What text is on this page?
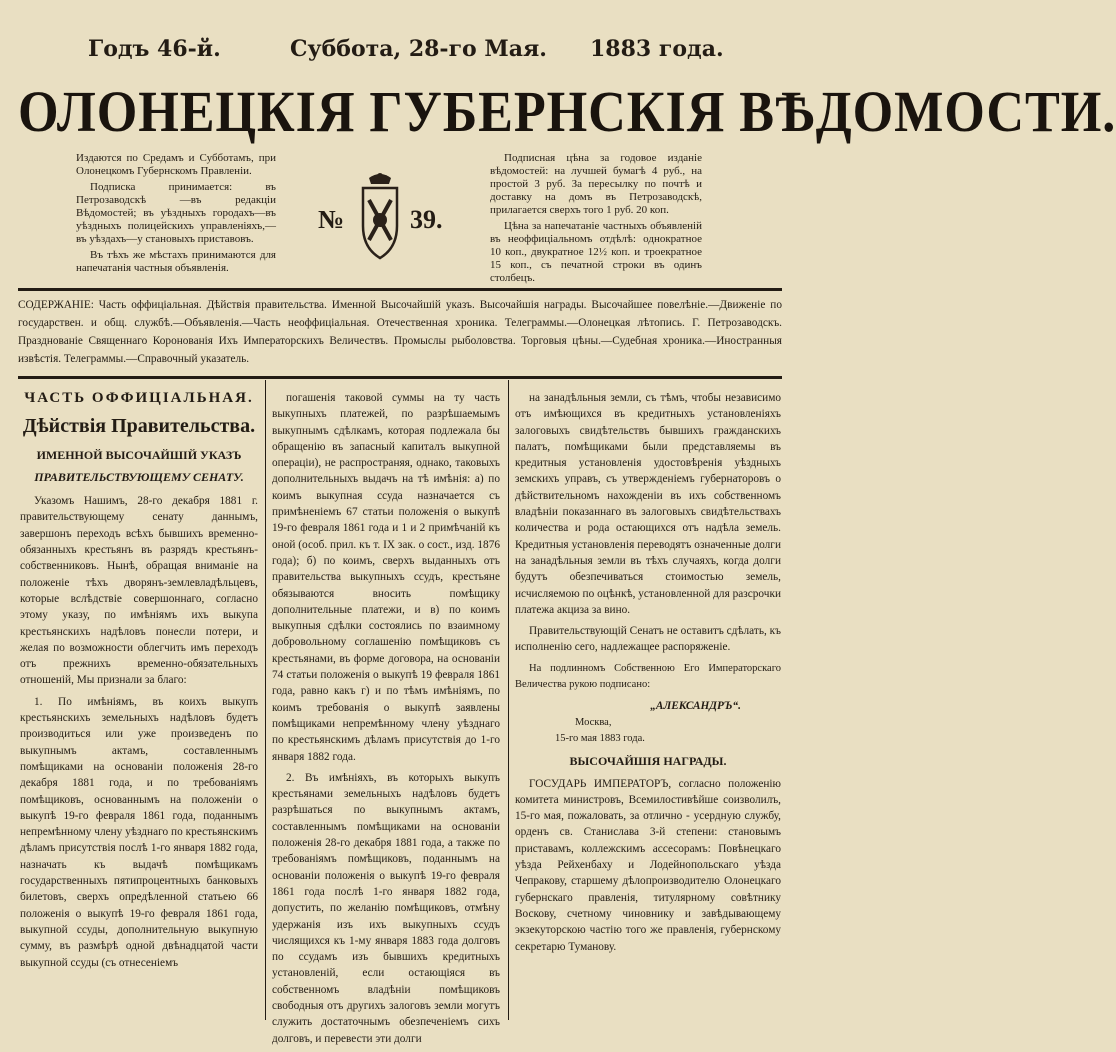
Годъ 46-й.	Суббота, 28-го Мая. 1883 года.
ОЛОНЕЦКІЯ ГУБЕРНСКІЯ ВѢДОМОСТИ.

Издаются по Средамъ и Субботамъ, при Олонецкомъ Губернскомъ Правленіи.

Подписка принимается: въ Петрозаводскѣ —въ редакціи Вѣдомостей; въ уѣздныхъ городахъ—въ уѣздныхъ полицейскихъ управленіяхъ,—въ уѣздахъ—у становыхъ приставовъ.

Въ тѣхъ же мѣстахъ принимаются для напечатанія частныя объявленія.

№	39.

Подписная цѣна за годовое изданіе вѣдомостей: на лучшей бумагѣ 4 руб., на простой 3 руб. За пересылку по почтѣ и доставку на домъ въ Петрозаводскѣ, прилагается сверхъ того 1 руб. 20 коп.

Цѣна за напечатаніе частныхъ объявленій въ неоффиціальномъ отдѣлѣ: однократное 10 коп., двукратное 12½ коп. и троекратное 15 коп., съ печатной строки въ одинъ столбецъ.

СОДЕРЖАНІЕ: Часть оффиціальная. Дѣйствія правительства. Именной Высочайшій указъ. Высочайшія награды. Высочайшее повелѣніе.—Движеніе по государствен. и общ. службѣ.—Объявленія.—Часть неоффиціальная. Отечественная хроника. Телеграммы.—Олонецкая лѣтопись. Г. Петрозаводскъ. Празднованіе Священнаго Коронованія Ихъ Императорскихъ Величествъ. Промыслы рыболовства. Торговыя цѣны.—Судебная хроника.—Иностранныя извѣстія. Телеграммы.—Справочный указатель.
ЧАСТЬ ОФФИЦІАЛЬНАЯ.
Дѣйствія Правительства.
ИМЕННОЙ ВЫСОЧАЙШІЙ УКАЗЪ
ПРАВИТЕЛЬСТВУЮЩЕМУ СЕНАТУ.

Указомъ Нашимъ, 28-го декабря 1881 г. правительствующему сенату даннымъ, завершонъ переходъ всѣхъ бывшихъ временно-обязанныхъ крестьянъ въ разрядъ крестьянъ-собственниковъ. Нынѣ, обращая вниманіе на положеніе тѣхъ дворянъ-землевладѣльцевъ, которые вслѣдствіе совершоннаго, согласно этому указу, по имѣніямъ ихъ выкупа крестьянскихъ надѣловъ понесли потери, и желая по возможности облегчить имъ переходъ отъ прежнихъ временно-обязательныхъ отношеній, Мы признали за благо:

1. По имѣніямъ, въ коихъ выкупъ крестьянскихъ земельныхъ надѣловъ будетъ производиться или уже произведенъ по выкупнымъ актамъ, составленнымъ помѣщиками на основаніи положенія 28-го декабря 1881 года, и по требованіямъ помѣщиковъ, основаннымъ на положеніи о выкупѣ 19-го февраля 1861 года, поданнымъ непремѣнному члену уѣзднаго по крестьянскимъ дѣламъ присутствія послѣ 1-го января 1882 года, назначать къ выдачѣ помѣщикамъ государственныхъ пятипроцентныхъ банковыхъ билетовъ, сверхъ опредѣленной статьею 66 положенія о выкупѣ 19-го февраля 1861 года, выкупной ссуды, дополнительную выкупную сумму, въ размѣрѣ одной двѣнадцатой части выкупной ссуды (съ отнесеніемъ

погашенія таковой суммы на ту часть выкупныхъ платежей, по разрѣшаемымъ выкупнымъ сдѣлкамъ, которая подлежала бы обращенію въ запасный капиталъ выкупной операціи), не распространяя, однако, таковыхъ дополнительныхъ выдачъ на тѣ имѣнія: а) по коимъ выкупная ссуда назначается съ примѣненіемъ 67 статьи положенія о выкупѣ 19-го февраля 1861 года и 1 и 2 примѣчаній къ оной (особ. прил. къ т. IX зак. о сост., изд. 1876 года); б) по коимъ, сверхъ выданныхъ отъ правительства выкупныхъ ссудъ, крестьяне обязываются вносить помѣщику дополнительные платежи, и в) по коимъ выкупныя сдѣлки состоялись по взаимному добровольному соглашенію помѣщиковъ съ крестьянами, въ форме договора, на основаніи 74 статьи положенія о выкупѣ 19 февраля 1861 года, равно какъ г) и по тѣмъ имѣніямъ, по коимъ требованія о выкупѣ заявлены помѣщиками непремѣнному члену уѣзднаго по крестьянскимъ дѣламъ присутствія до 1-го января 1882 года.

2. Въ имѣніяхъ, въ которыхъ выкупъ крестьянами земельныхъ надѣловъ будетъ разрѣшаться по выкупнымъ актамъ, составленнымъ помѣщиками на основаніи положенія 28-го декабря 1881 года, а также по требованіямъ помѣщиковъ, поданнымъ на основаніи положенія о выкупѣ 19-го февраля 1861 года послѣ 1-го января 1882 года, допустить, по желанію помѣщиковъ, отмѣну удержанія изъ ихъ выкупныхъ ссудъ числящихся къ 1-му января 1883 года долговъ по ссудамъ изъ бывшихъ кредитныхъ установленій, если остающіяся въ собственномъ владѣніи помѣщиковъ свободныя отъ другихъ залоговъ земли могутъ служить достаточнымъ обезпеченіемъ сихъ долговъ, и перевести эти долги

на занадѣльныя земли, съ тѣмъ, чтобы независимо отъ имѣющихся въ кредитныхъ установленіяхъ залоговыхъ свидѣтельствъ бывшихъ гражданскихъ палатъ, помѣщиками были представляемы въ кредитныя установленія удостовѣренія уѣздныхъ земскихъ управъ, съ утвержденіемъ губернаторовъ о дѣйствительномъ нахожденіи въ ихъ собственномъ владѣніи показаннаго въ залоговыхъ свидѣтельствахъ количества и рода остающихся отъ надѣла земель. Кредитныя установленія переводятъ означенные долги на занадѣльныя земли въ тѣхъ случаяхъ, когда долги будутъ обезпечиваться стоимостью земель, исчисляемою по оцѣнкѣ, установленной для разсрочки платежа акциза за вино.

Правительствующій Сенатъ не оставитъ сдѣлать, къ исполненію сего, надлежащее распоряженіе.

На подлинномъ Собственною Его Императорскаго Величества рукою подписано:

„АЛЕКСАНДРЪ“.
Москва,
15-го мая 1883 года.
ВЫСОЧАЙШІЯ НАГРАДЫ.

ГОСУДАРЬ ИМПЕРАТОРЪ, согласно положенію комитета министровъ, Всемилостивѣйше соизволилъ, 15-го мая, пожаловать, за отлично - усердную службу, орденъ св. Станислава 3-й степени: становымъ приставамъ, коллежскимъ ассесорамъ: Повѣнецкаго уѣзда Рейхенбаху и Лодейнопольскаго уѣзда Чепракову, старшему дѣлопроизводителю Олонецкаго губернскаго правленія, титулярному совѣтнику Воскову, счетному чиновнику и завѣдывающему экзекуторскою частію того же правленія, губернскому секретарю Туманову.
